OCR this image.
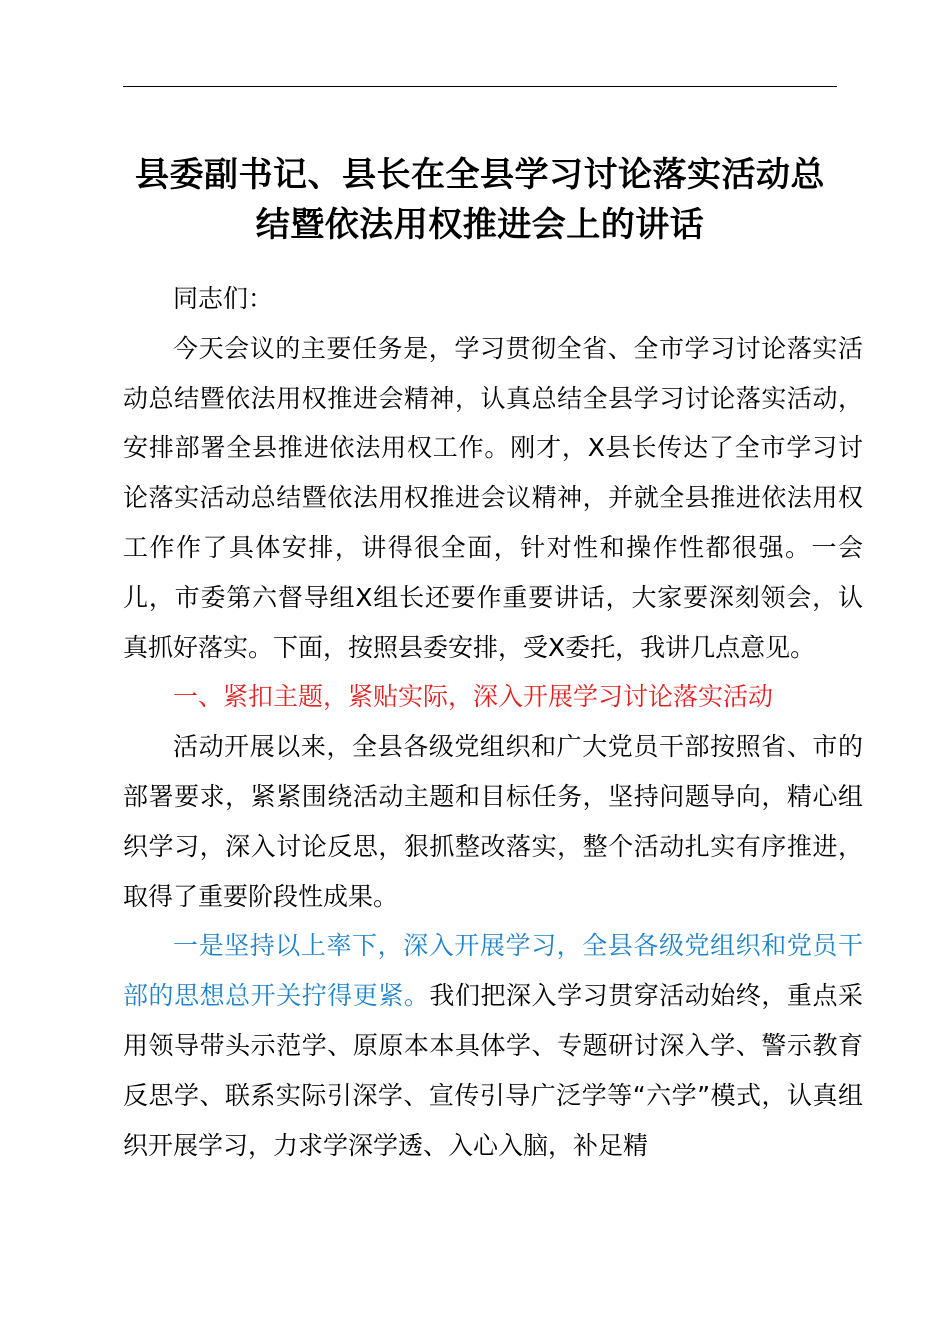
县委副书记、县长在全县学习讨论落实活动总
结暨依法用权推进会上的讲话

同志们：

今天会议的主要任务是，学习贯彻全省、全市学习讨论落实活动总结暨依法用权推进会精神，认真总结全县学习讨论落实活动，安排部署全县推进依法用权工作。刚才，X县长传达了全市学习讨论落实活动总结暨依法用权推进会议精神，并就全县推进依法用权工作作了具体安排，讲得很全面，针对性和操作性都很强。一会儿，市委第六督导组X组长还要作重要讲话，大家要深刻领会，认真抓好落实。下面，按照县委安排，受X委托，我讲几点意见。

一、紧扣主题，紧贴实际，深入开展学习讨论落实活动

活动开展以来，全县各级党组织和广大党员干部按照省、市的部署要求，紧紧围绕活动主题和目标任务，坚持问题导向，精心组织学习，深入讨论反思，狠抓整改落实，整个活动扎实有序推进，取得了重要阶段性成果。

一是坚持以上率下，深入开展学习，全县各级党组织和党员干部的思想总开关拧得更紧。我们把深入学习贯穿活动始终，重点采用领导带头示范学、原原本本具体学、专题研讨深入学、警示教育反思学、联系实际引深学、宣传引导广泛学等“六学”模式，认真组织开展学习，力求学深学透、入心入脑，补足精
